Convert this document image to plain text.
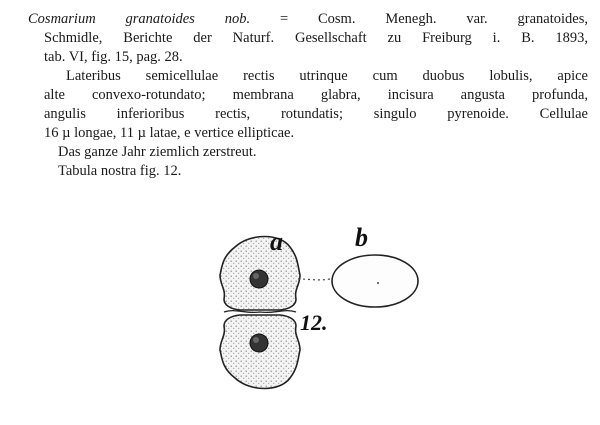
Cosmarium granatoides nob. = Cosm. Menegh. var. granatoides,
Schmidle, Berichte der Naturf. Gesellschaft zu Freiburg i. B. 1893,
tab. VI, fig. 15, pag. 28.
Lateribus semicellulae rectis utrinque cum duobus lobulis, apice
alte convexo-rotundato; membrana glabra, incisura angusta profunda,
angulis inferioribus rectis, rotundatis; singulo pyrenoide. Cellulae
16 µ longae, 11 µ latae, e vertice ellipticae.
Das ganze Jahr ziemlich zerstreut.
Tabula nostra fig. 12.
a	b
12.
